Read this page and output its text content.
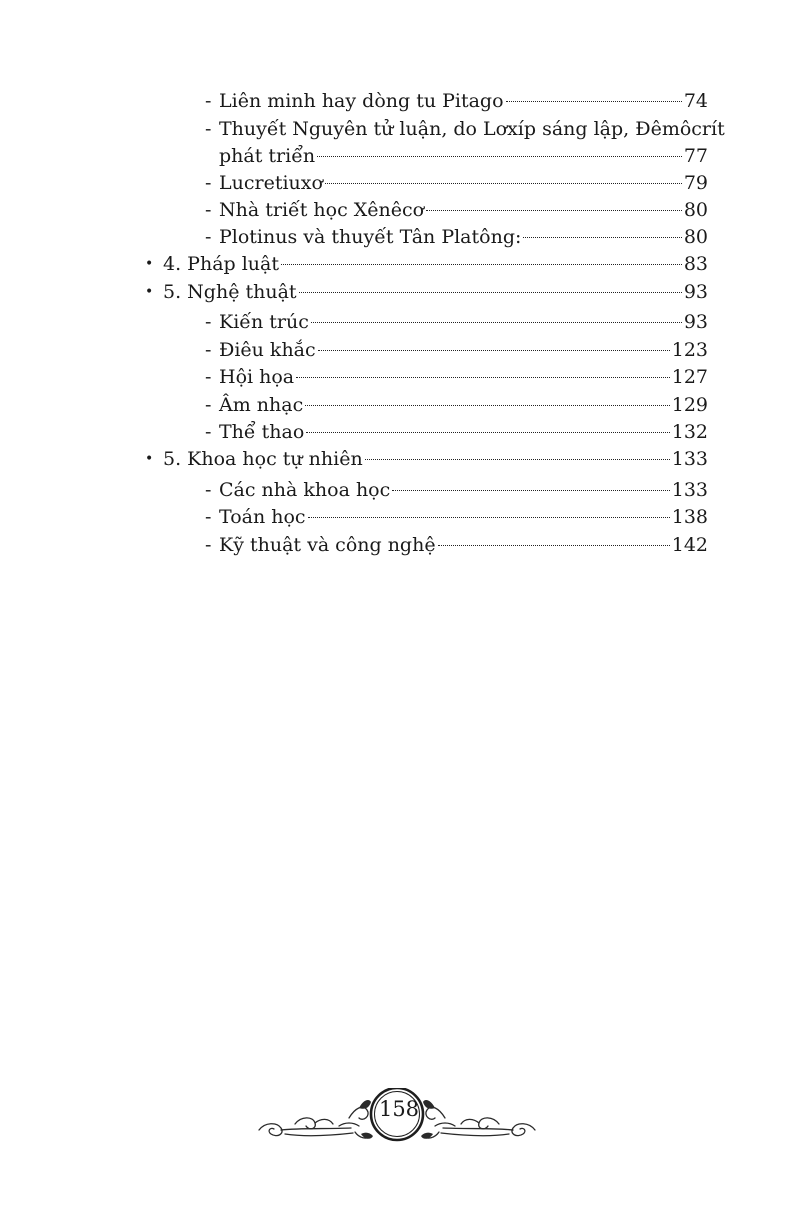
- Liên minh hay dòng tu Pitago	74
- Thuyết Nguyên tử luận, do Lơxíp sáng lập, Đêmôcrít
phát triển	77
- Lucretiuxơ	79
- Nhà triết học Xênêcơ	80
- Plotinus và thuyết Tân Platông:	80
• 4. Pháp luật	83
• 5. Nghệ thuật	93
- Kiến trúc	93
- Điêu khắc	123
- Hội họa	127
- Âm nhạc	129
- Thể thao	132
• 5. Khoa học tự nhiên	133
- Các nhà khoa học	133
- Toán học	138
- Kỹ thuật và công nghệ	142
158
